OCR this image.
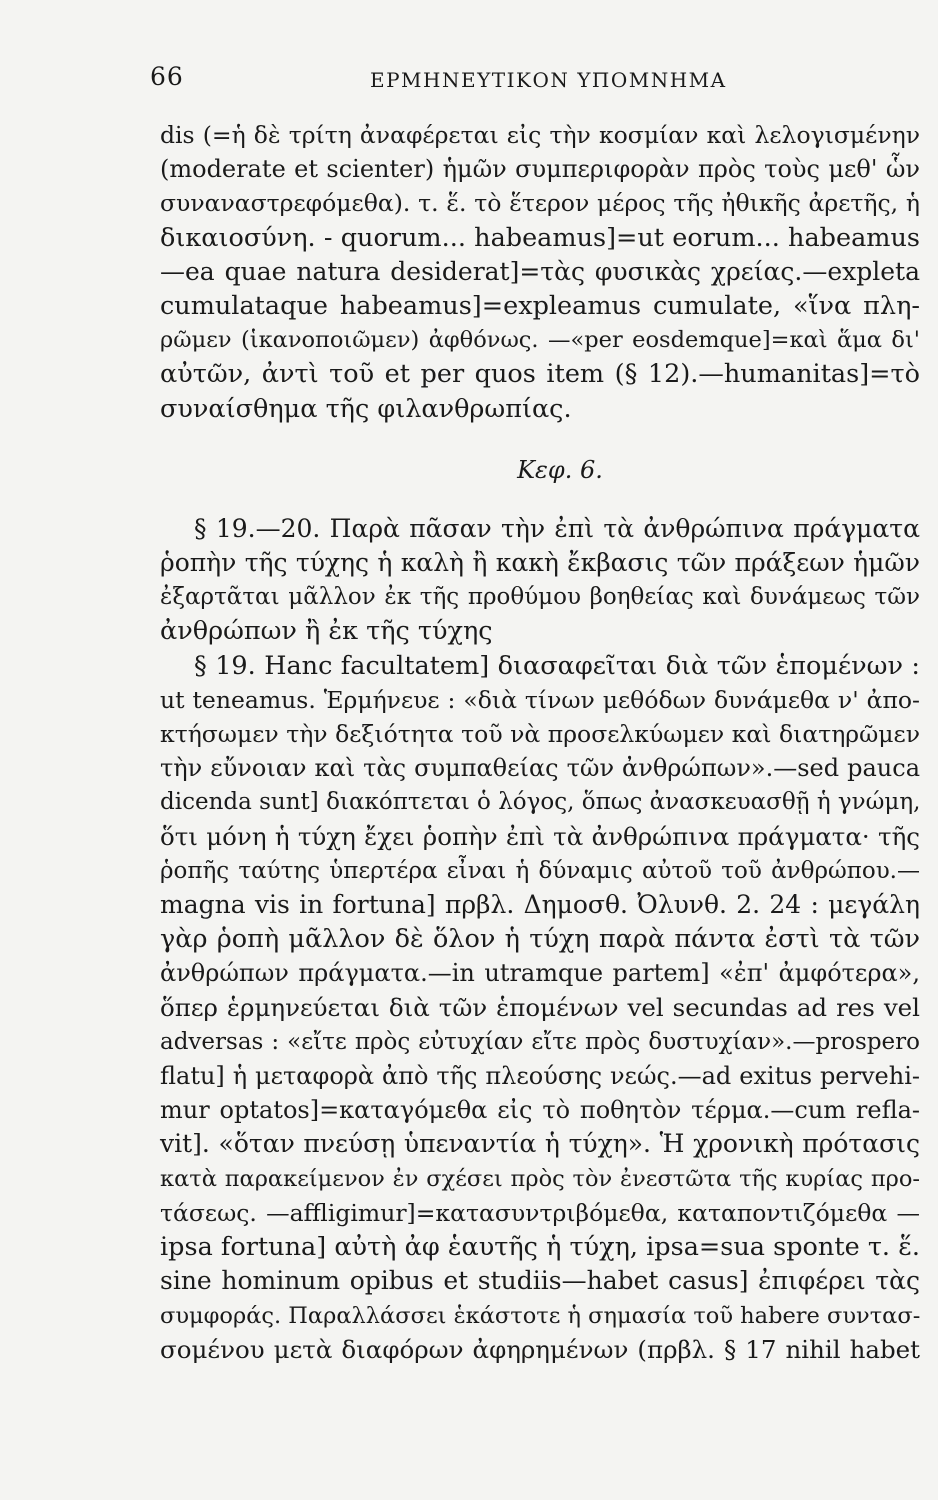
66	ΕΡΜΗΝΕΥΤΙΚΟΝ ΥΠΟΜΝΗΜΑ

dis (=ἡ δὲ τρίτη ἀναφέρεται εἰς τὴν κοσμίαν καὶ λελογισμένην
(moderate et scienter) ἡμῶν συμπεριφορὰν πρὸς τοὺς μεθ' ὧν
συναναστρεφόμεθα). τ. ἕ. τὸ ἕτερον μέρος τῆς ἠθικῆς ἀρετῆς, ἡ
δικαιοσύνη. - quorum... habeamus]=ut eorum... habeamus
—ea quae natura desiderat]=τὰς φυσικὰς χρείας.—expleta
cumulataque habeamus]=expleamus cumulate, «ἵνα πλη-
ρῶμεν (ἱκανοποιῶμεν) ἀφθόνως. —«per eosdemque]=καὶ ἅμα δι'
αὐτῶν, ἀντὶ τοῦ et per quos item (§ 12).—humanitas]=τὸ
συναίσθημα τῆς φιλανθρωπίας.

Κεφ. 6.

§ 19.—20. Παρὰ πᾶσαν τὴν ἐπὶ τὰ ἀνθρώπινα πράγματα
ῥοπὴν τῆς τύχης ἡ καλὴ ἢ κακὴ ἔκβασις τῶν πράξεων ἡμῶν
ἐξαρτᾶται μᾶλλον ἐκ τῆς προθύμου βοηθείας καὶ δυνάμεως τῶν
ἀνθρώπων ἢ ἐκ τῆς τύχης

§ 19. Hanc facultatem] διασαφεῖται διὰ τῶν ἑπομένων :
ut teneamus. Ἑρμήνευε : «διὰ τίνων μεθόδων δυνάμεθα ν' ἀπο-
κτήσωμεν τὴν δεξιότητα τοῦ νὰ προσελκύωμεν καὶ διατηρῶμεν
τὴν εὔνοιαν καὶ τὰς συμπαθείας τῶν ἀνθρώπων».—sed pauca
dicenda sunt] διακόπτεται ὁ λόγος, ὅπως ἀνασκευασθῇ ἡ γνώμη,
ὅτι μόνη ἡ τύχη ἔχει ῥοπὴν ἐπὶ τὰ ἀνθρώπινα πράγματα· τῆς
ῥοπῆς ταύτης ὑπερτέρα εἶναι ἡ δύναμις αὐτοῦ τοῦ ἀνθρώπου.—
magna vis in fortuna] πρβλ. Δημοσθ. Ὀλυνθ. 2. 24 : μεγάλη
γὰρ ῥοπὴ μᾶλλον δὲ ὅλον ἡ τύχη παρὰ πάντα ἐστὶ τὰ τῶν
ἀνθρώπων πράγματα.—in utramque partem] «ἐπ' ἀμφότερα»,
ὅπερ ἑρμηνεύεται διὰ τῶν ἑπομένων vel secundas ad res vel
adversas : «εἴτε πρὸς εὐτυχίαν εἴτε πρὸς δυστυχίαν».—prospero
flatu] ἡ μεταφορὰ ἀπὸ τῆς πλεούσης νεώς.—ad exitus pervehi-
mur optatos]=καταγόμεθα εἰς τὸ ποθητὸν τέρμα.—cum refla-
vit]. «ὅταν πνεύσῃ ὑπεναντία ἡ τύχη». Ἡ χρονικὴ πρότασις
κατὰ παρακείμενον ἐν σχέσει πρὸς τὸν ἐνεστῶτα τῆς κυρίας προ-
τάσεως. —affligimur]=κατασυντριβόμεθα, καταποντιζόμεθα —
ipsa fortuna] αὐτὴ ἀφ ἑαυτῆς ἡ τύχη, ipsa=sua sponte τ. ἕ.
sine hominum opibus et studiis—habet casus] ἐπιφέρει τὰς
συμφοράς. Παραλλάσσει ἑκάστοτε ἡ σημασία τοῦ habere συντασ-
σομένου μετὰ διαφόρων ἀφηρημένων (πρβλ. § 17 nihil habet
